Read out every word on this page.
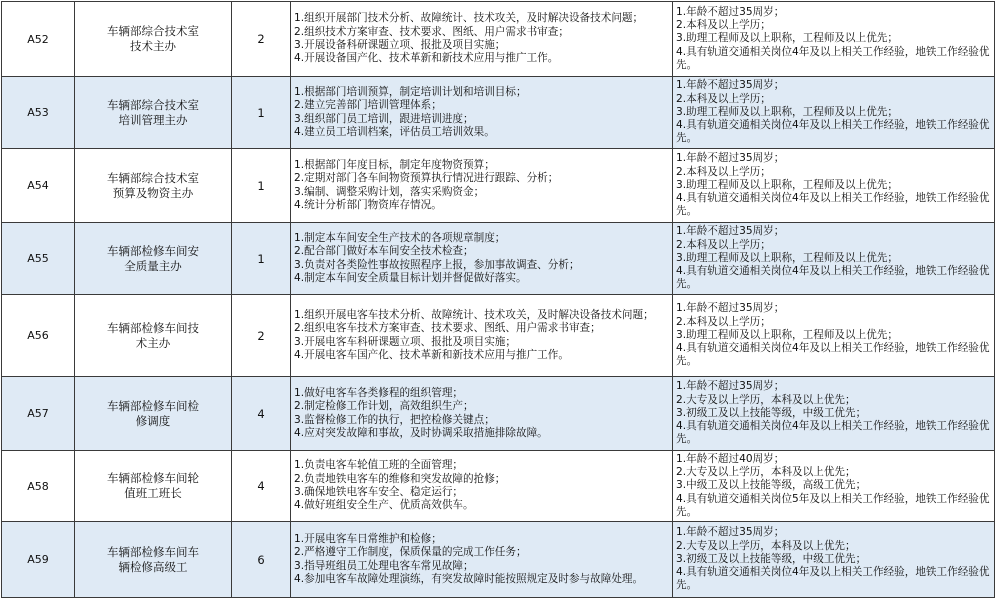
A52	车辆部综合技术室
技术主办	2	1.组织开展部门技术分析、故障统计、技术攻关，及时解决设备技术问题；
2.组织技术方案审查、技术要求、图纸、用户需求书审查；
3.开展设备科研课题立项、报批及项目实施；
4.开展设备国产化、技术革新和新技术应用与推广工作。	1.年龄不超过35周岁；
2.本科及以上学历；
3.助理工程师及以上职称，工程师及以上优先；
4.具有轨道交通相关岗位4年及以上相关工作经验，地铁工作经验优先。

A53	车辆部综合技术室
培训管理主办	1	1.根据部门培训预算，制定培训计划和培训目标；
2.建立完善部门培训管理体系；
3.组织部门员工培训，跟进培训进度；
4.建立员工培训档案，评估员工培训效果。	1.年龄不超过35周岁；
2.本科及以上学历；
3.助理工程师及以上职称，工程师及以上优先；
4.具有轨道交通相关岗位4年及以上相关工作经验，地铁工作经验优先。

A54	车辆部综合技术室
预算及物资主办	1	1.根据部门年度目标，制定年度物资预算；
2.定期对部门各车间物资预算执行情况进行跟踪、分析；
3.编制、调整采购计划，落实采购资金；
4.统计分析部门物资库存情况。	1.年龄不超过35周岁；
2.本科及以上学历；
3.助理工程师及以上职称，工程师及以上优先；
4.具有轨道交通相关岗位4年及以上相关工作经验，地铁工作经验优先。

A55	车辆部检修车间安
全质量主办	1	1.制定本车间安全生产技术的各项规章制度；
2.配合部门做好本车间安全技术检查；
3.负责对各类险性事故按照程序上报，参加事故调查、分析；
4.制定本车间安全质量目标计划并督促做好落实。	1.年龄不超过35周岁；
2.本科及以上学历；
3.助理工程师及以上职称，工程师及以上优先；
4.具有轨道交通相关岗位4年及以上相关工作经验，地铁工作经验优先。

A56	车辆部检修车间技
术主办	2	1.组织开展电客车技术分析、故障统计、技术攻关，及时解决设备技术问题；
2.组织电客车技术方案审查、技术要求、图纸、用户需求书审查；
3.开展电客车科研课题立项、报批及项目实施；
4.开展电客车国产化、技术革新和新技术应用与推广工作。	1.年龄不超过35周岁；
2.本科及以上学历；
3.助理工程师及以上职称，工程师及以上优先；
4.具有轨道交通相关岗位4年及以上相关工作经验，地铁工作经验优先。

A57	车辆部检修车间检
修调度	4	1.做好电客车各类修程的组织管理；
2.制定检修工作计划，高效组织生产；
3.监督检修工作的执行，把控检修关键点；
4.应对突发故障和事故，及时协调采取措施排除故障。	1.年龄不超过35周岁；
2.大专及以上学历，本科及以上优先；
3.初级工及以上技能等级，中级工优先；
4.具有轨道交通相关岗位4年及以上相关工作经验，地铁工作经验优先。

A58	车辆部检修车间轮
值班工班长	4	1.负责电客车轮值工班的全面管理；
2.负责地铁电客车的维修和突发故障的抢修；
3.确保地铁电客车安全、稳定运行；
4.做好班组安全生产、优质高效供车。	1.年龄不超过40周岁；
2.大专及以上学历，本科及以上优先；
3.中级工及以上技能等级，高级工优先；
4.具有轨道交通相关岗位5年及以上相关工作经验，地铁工作经验优先。

A59	车辆部检修车间车
辆检修高级工	6	1.开展电客车日常维护和检修；
2.严格遵守工作制度，保质保量的完成工作任务；
3.指导班组员工处理电客车常见故障；
4.参加电客车故障处理演练，有突发故障时能按照规定及时参与故障处理。	1.年龄不超过35周岁；
2.大专及以上学历，本科及以上优先；
3.初级工及以上技能等级，中级工优先；
4.具有轨道交通相关岗位4年及以上相关工作经验，地铁工作经验优先。
